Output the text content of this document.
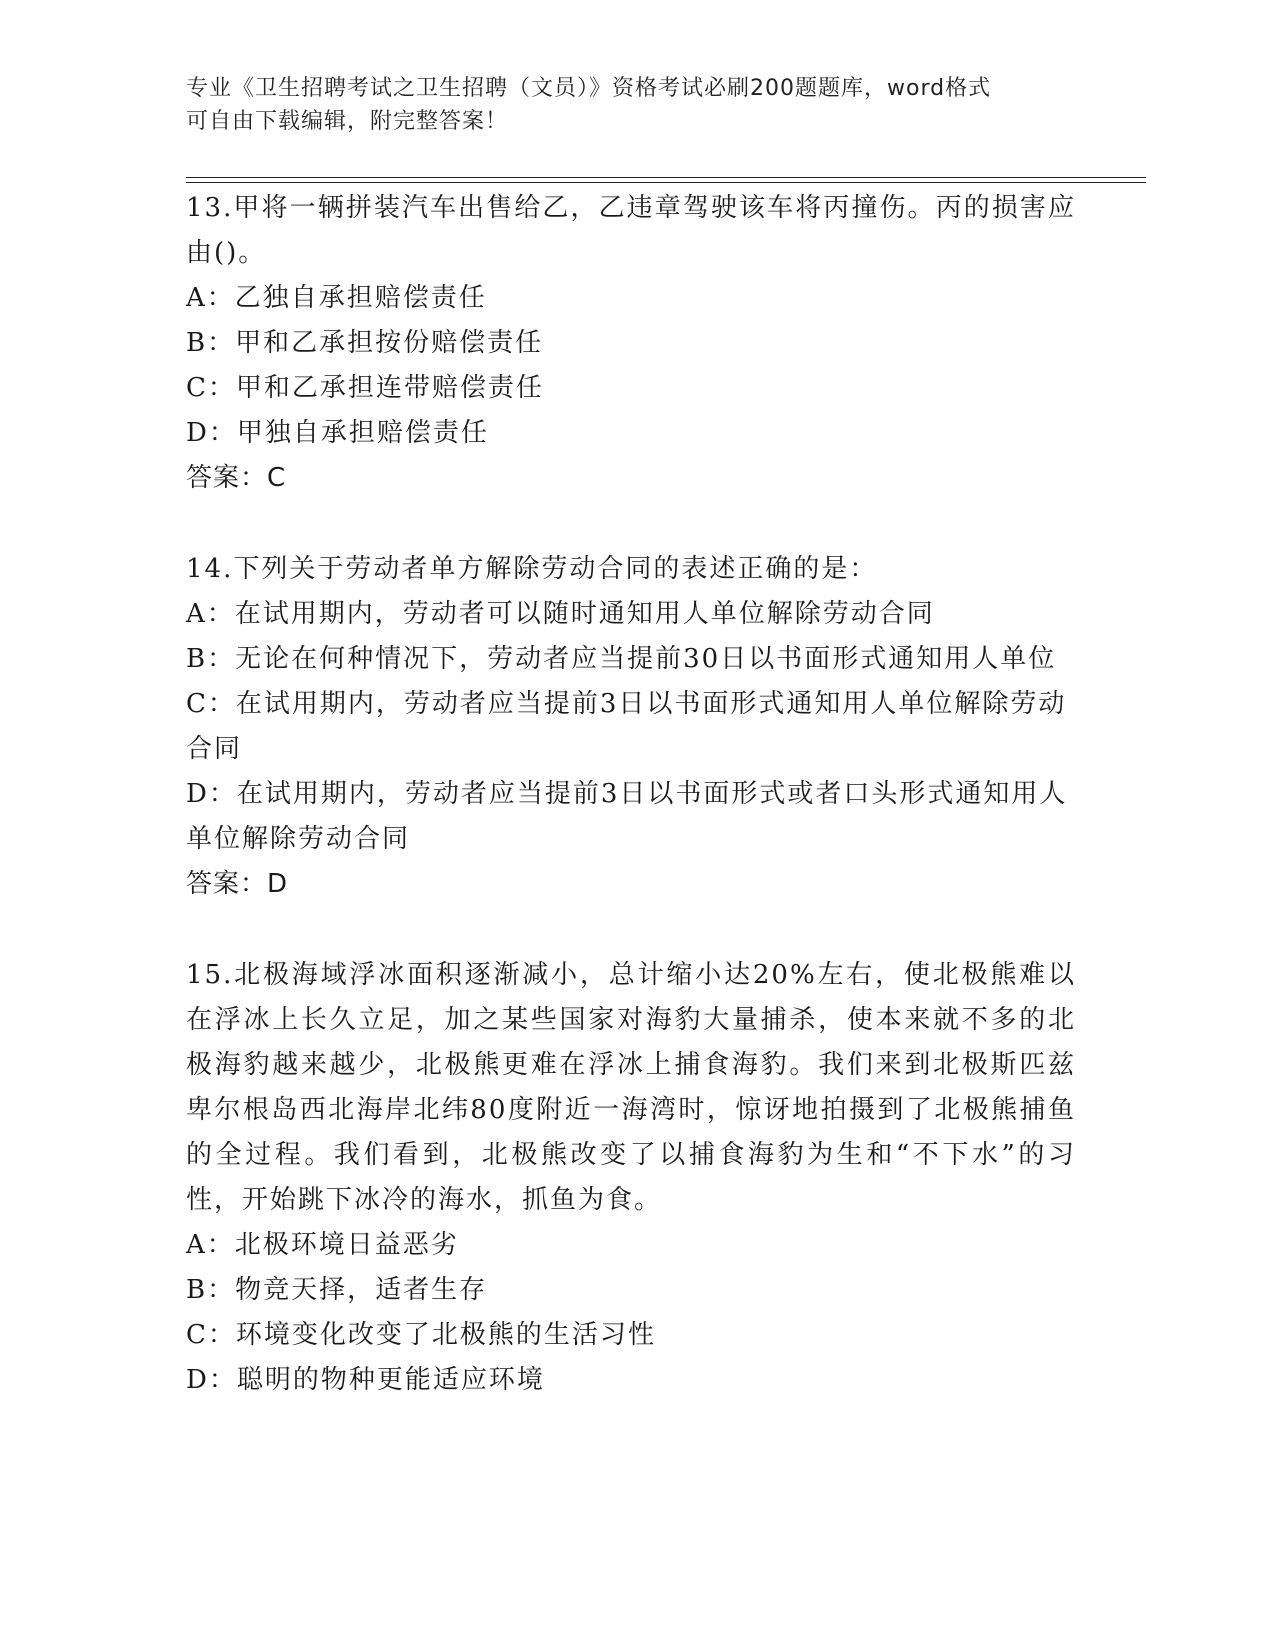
专业《卫生招聘考试之卫生招聘（文员）》资格考试必刷200题题库，word格式
可自由下载编辑，附完整答案！

13.甲将一辆拼装汽车出售给乙，乙违章驾驶该车将丙撞伤。丙的损害应由()。

A：乙独自承担赔偿责任

B：甲和乙承担按份赔偿责任

C：甲和乙承担连带赔偿责任

D：甲独自承担赔偿责任

答案：C

14.下列关于劳动者单方解除劳动合同的表述正确的是：

A：在试用期内，劳动者可以随时通知用人单位解除劳动合同

B：无论在何种情况下，劳动者应当提前30日以书面形式通知用人单位

C：在试用期内，劳动者应当提前3日以书面形式通知用人单位解除劳动合同

D：在试用期内，劳动者应当提前3日以书面形式或者口头形式通知用人单位解除劳动合同

答案：D

15.北极海域浮冰面积逐渐减小，总计缩小达20%左右，使北极熊难以在浮冰上长久立足，加之某些国家对海豹大量捕杀，使本来就不多的北极海豹越来越少，北极熊更难在浮冰上捕食海豹。我们来到北极斯匹兹卑尔根岛西北海岸北纬80度附近一海湾时，惊讶地拍摄到了北极熊捕鱼的全过程。我们看到，北极熊改变了以捕食海豹为生和“不下水”的习性，开始跳下冰冷的海水，抓鱼为食。

A：北极环境日益恶劣

B：物竞天择，适者生存

C：环境变化改变了北极熊的生活习性

D：聪明的物种更能适应环境
